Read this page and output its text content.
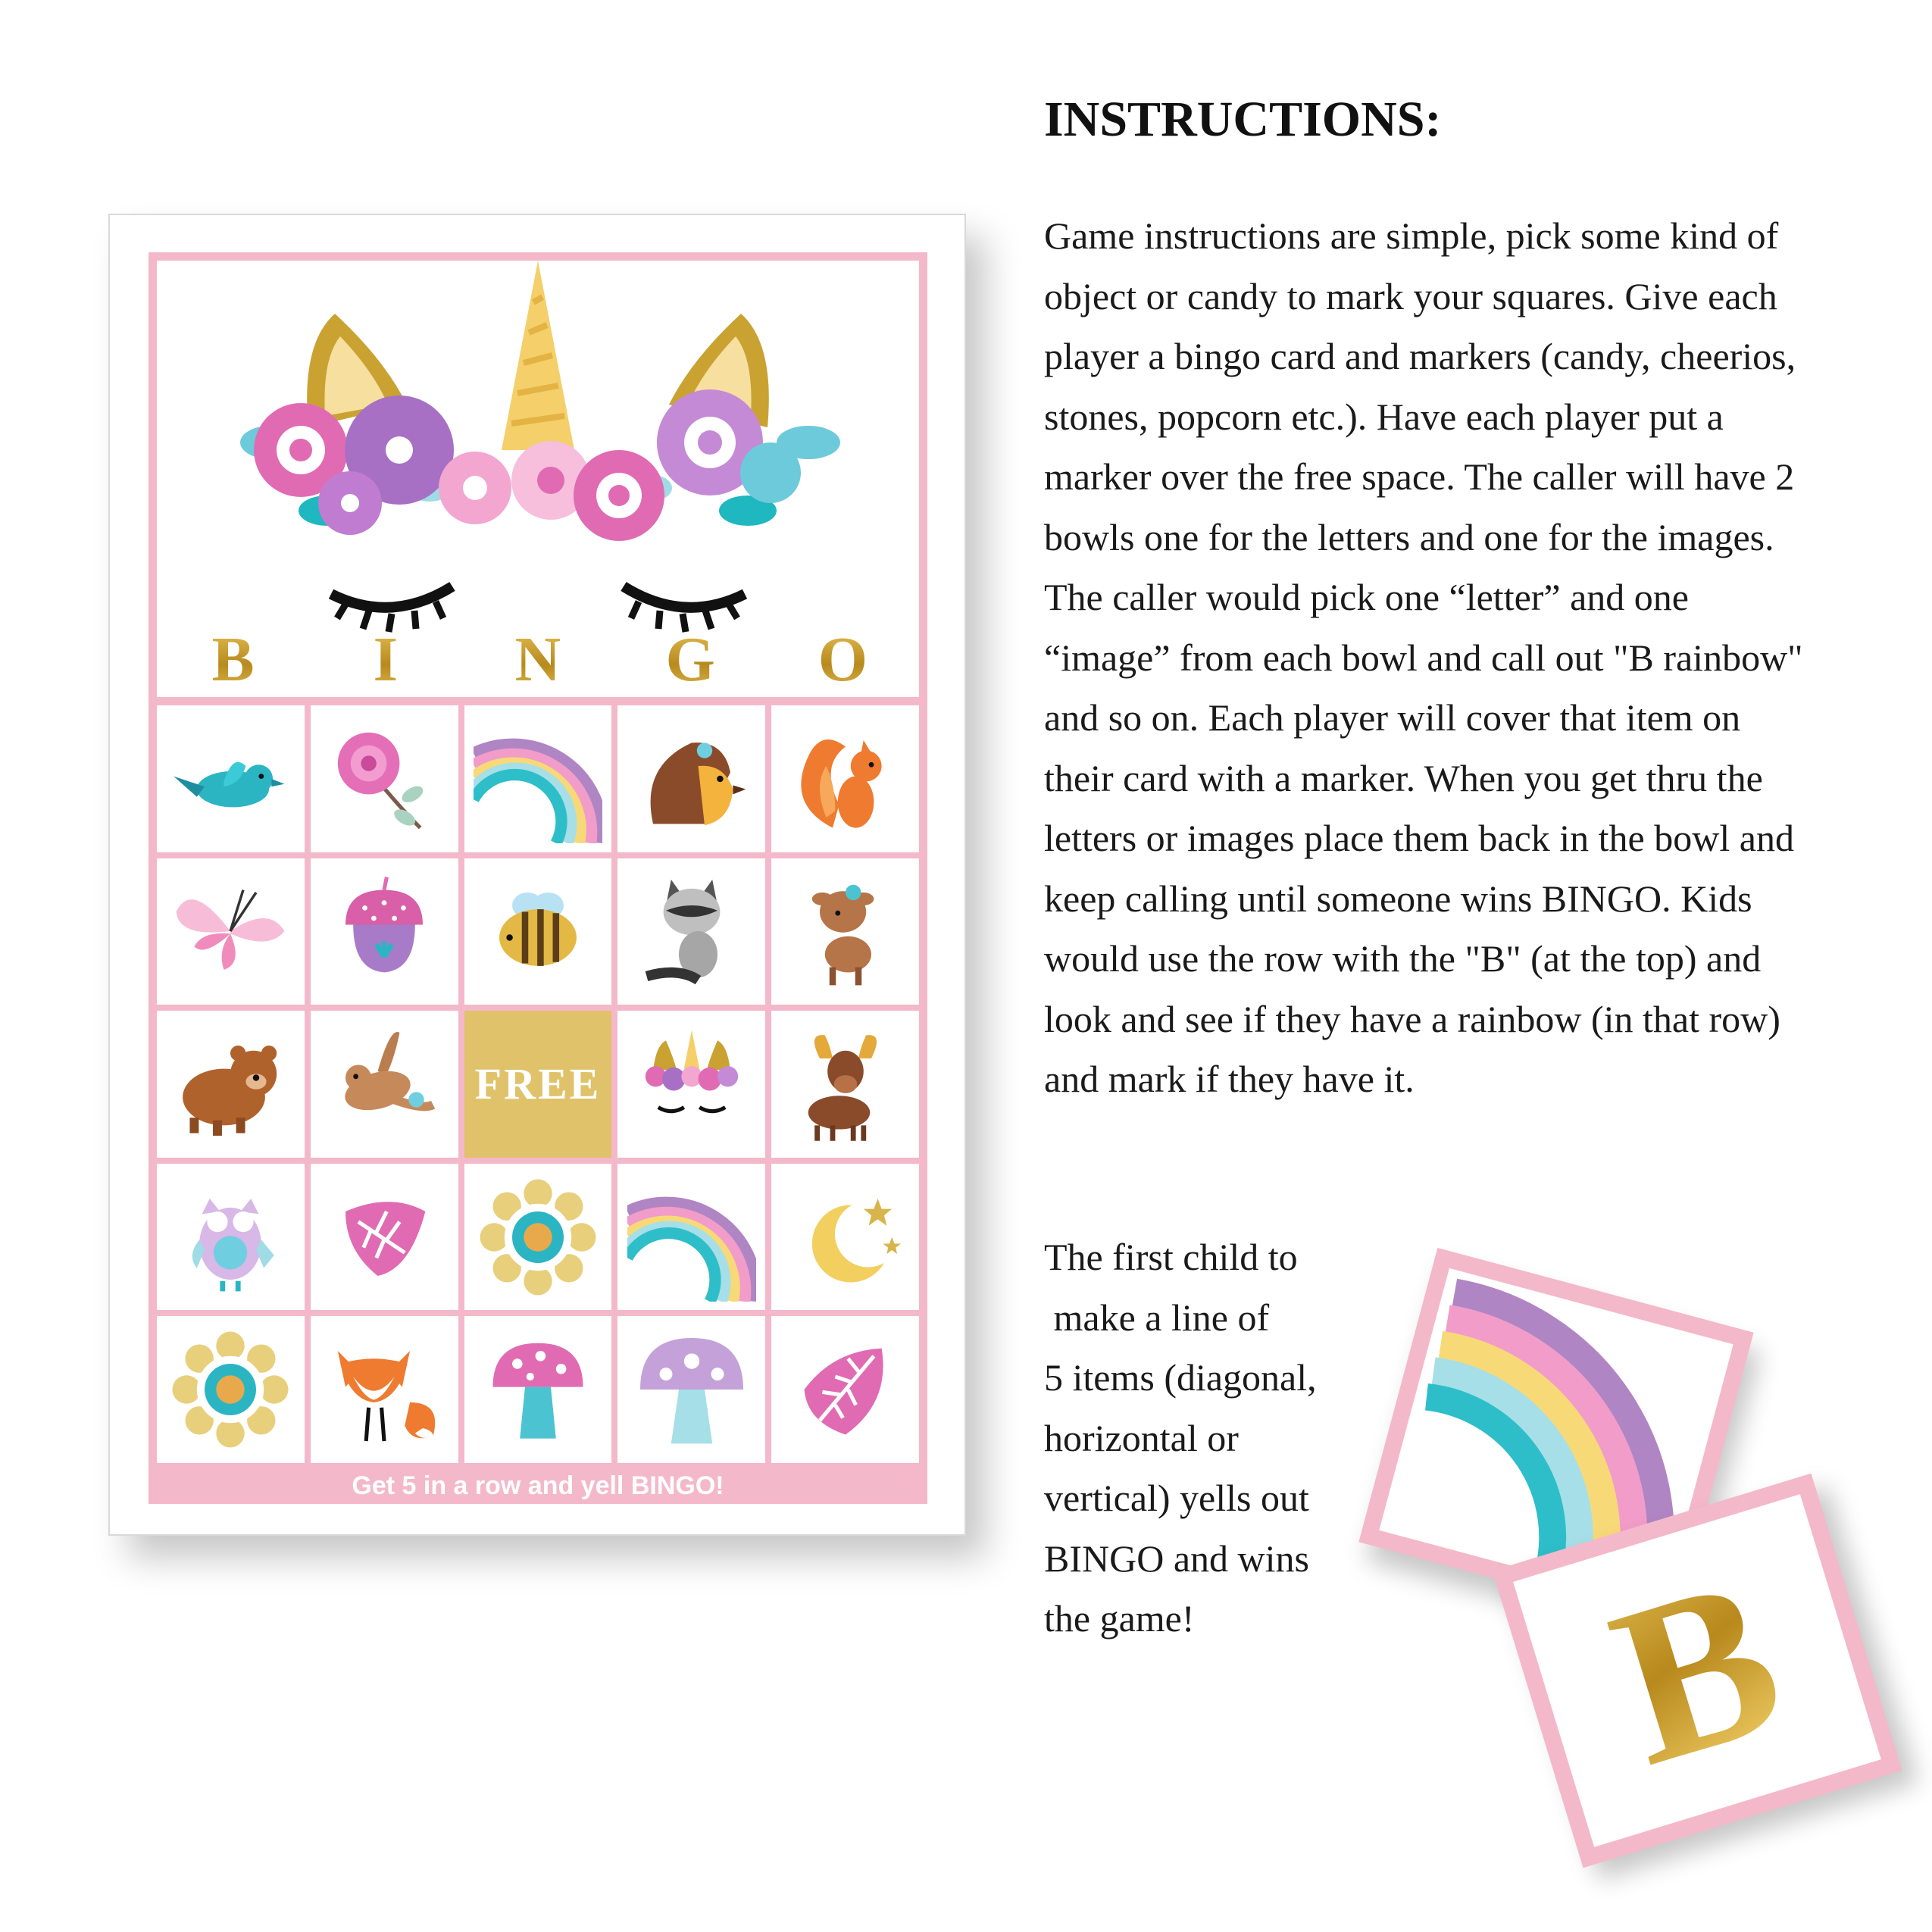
B	I	N	G	O
FREE
Get 5 in a row and yell BINGO!
INSTRUCTIONS:

Game instructions are simple, pick some kind of object or candy to mark your squares. Give each player a bingo card and markers (candy, cheerios, stones, popcorn etc.). Have each player put a marker over the free space. The caller will have 2 bowls one for the letters and one for the images. The caller would pick one “letter” and one “image” from each bowl and call out "B rainbow" and so on. Each player will cover that item on their card with a marker. When you get thru the letters or images place them back in the bowl and keep calling until someone wins BINGO. Kids would use the row with the "B" (at the top) and look and see if they have a rainbow (in that row) and mark if they have it.

The first child to
make a line of
5 items (diagonal,
horizontal or
vertical) yells out
BINGO and wins
the game!	B
